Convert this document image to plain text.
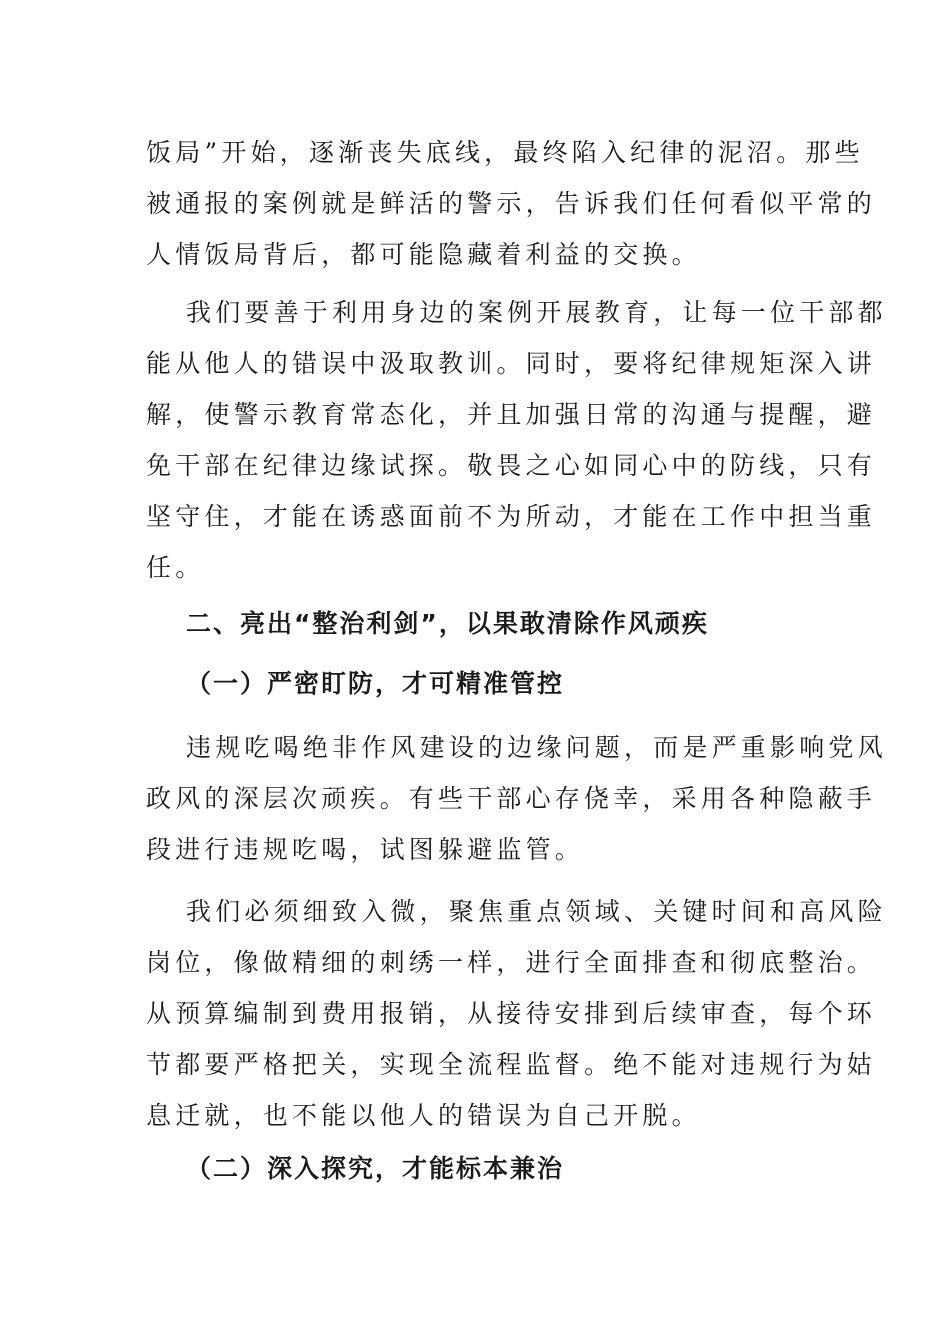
饭局”开始，逐渐丧失底线，最终陷入纪律的泥沼。那些
被通报的案例就是鲜活的警示，告诉我们任何看似平常的
人情饭局背后，都可能隐藏着利益的交换。
我们要善于利用身边的案例开展教育，让每一位干部都
能从他人的错误中汲取教训。同时，要将纪律规矩深入讲
解，使警示教育常态化，并且加强日常的沟通与提醒，避
免干部在纪律边缘试探。敬畏之心如同心中的防线，只有
坚守住，才能在诱惑面前不为所动，才能在工作中担当重
任。
二、亮出“整治利剑”，以果敢清除作风顽疾
（一）严密盯防，才可精准管控
违规吃喝绝非作风建设的边缘问题，而是严重影响党风
政风的深层次顽疾。有些干部心存侥幸，采用各种隐蔽手
段进行违规吃喝，试图躲避监管。
我们必须细致入微，聚焦重点领域、关键时间和高风险
岗位，像做精细的刺绣一样，进行全面排查和彻底整治。
从预算编制到费用报销，从接待安排到后续审查，每个环
节都要严格把关，实现全流程监督。绝不能对违规行为姑
息迁就，也不能以他人的错误为自己开脱。
（二）深入探究，才能标本兼治
